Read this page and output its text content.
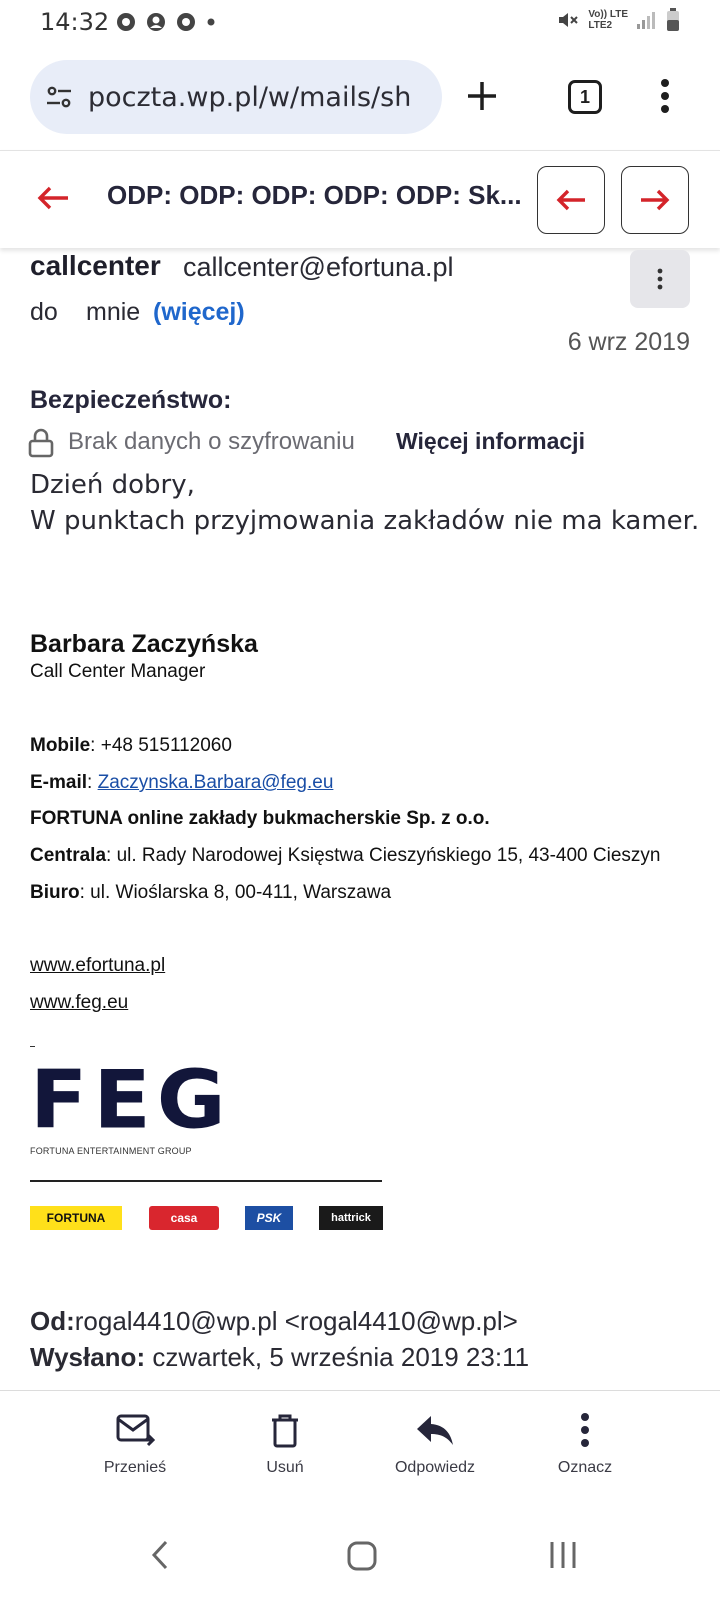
14:32	Vo)) LTE
LTE2
poczta.wp.pl/w/mails/sh	1
ODP: ODP: ODP: ODP: ODP: Sk...
callcenter callcenter@efortuna.pl
do mnie (więcej)
6 wrz 2019
Bezpieczeństwo:
Brak danych o szyfrowaniu Więcej informacji
Dzień dobry,
W punktach przyjmowania zakładów nie ma kamer.
Barbara Zaczyńska
Call Center Manager
Mobile: +48 515112060
E-mail: Zaczynska.Barbara@feg.eu
FORTUNA online zakłady bukmacherskie Sp. z o.o.
Centrala: ul. Rady Narodowej Księstwa Cieszyńskiego 15, 43-400 Cieszyn
Biuro: ul. Wioślarska 8, 00-411, Warszawa
www.efortuna.pl
www.feg.eu
FEG
FORTUNA ENTERTAINMENT GROUP
FORTUNA	casa	PSK	hattrick
Od:rogal4410@wp.pl <rogal4410@wp.pl>
Wysłano: czwartek, 5 września 2019 23:11
Przenieś	Usuń	Odpowiedz	Oznacz
